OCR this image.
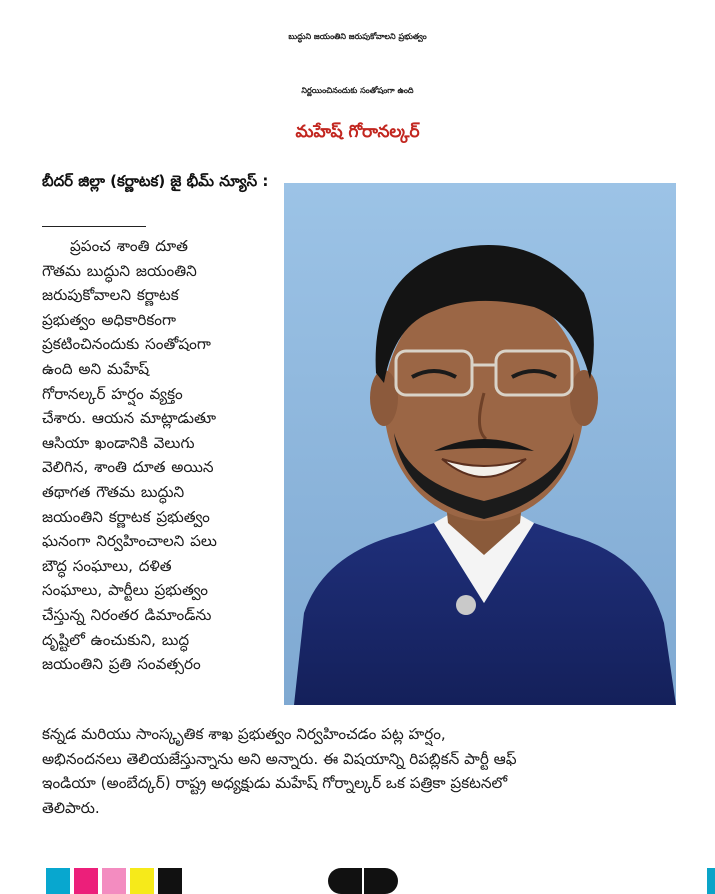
బుద్ధుని జయంతిని జరుపుకోవాలని ప్రభుత్వం
నిర్ణయించినందుకు సంతోషంగా ఉంది
మహేష్ గోరానల్కర్
బీదర్ జిల్లా (కర్ణాటక) జై భీమ్ న్యూస్ :
ప్రపంచ శాంతి దూత
గౌతమ బుద్ధుని జయంతిని
జరుపుకోవాలని కర్ణాటక
ప్రభుత్వం అధికారికంగా
ప్రకటించినందుకు సంతోషంగా
ఉంది అని మహేష్
గోరానల్కర్ హర్షం వ్యక్తం
చేశారు. ఆయన మాట్లాడుతూ
ఆసియా ఖండానికి వెలుగు
వెలిగిన, శాంతి దూత అయిన
తథాగత గౌతమ బుద్ధుని
జయంతిని కర్ణాటక ప్రభుత్వం
ఘనంగా నిర్వహించాలని పలు
బౌద్ధ సంఘాలు, దళిత
సంఘాలు, పార్టీలు ప్రభుత్వం
చేస్తున్న నిరంతర డిమాండ్‌ను
దృష్టిలో ఉంచుకుని, బుద్ధ
జయంతిని ప్రతి సంవత్సరం
కన్నడ మరియు సాంస్కృతిక శాఖ ప్రభుత్వం నిర్వహించడం పట్ల హర్షం,
అభినందనలు తెలియజేస్తున్నాను అని అన్నారు. ఈ విషయాన్ని రిపబ్లికన్ పార్టీ ఆఫ్
ఇండియా (అంబేద్కర్) రాష్ట్ర అధ్యక్షుడు మహేష్ గోర్నాల్కర్ ఒక పత్రికా ప్రకటనలో
తెలిపారు.
